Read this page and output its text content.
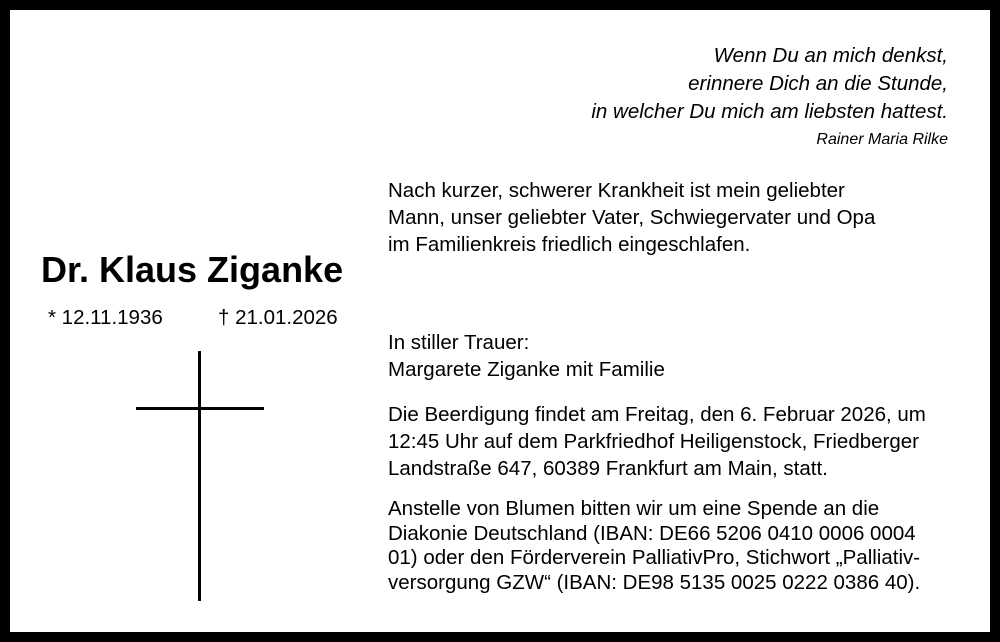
Wenn Du an mich denkst,
erinnere Dich an die Stunde,
in welcher Du mich am liebsten hattest.
Rainer Maria Rilke
Nach kurzer, schwerer Krankheit ist mein geliebter
Mann, unser geliebter Vater, Schwiegervater und Opa
im Familienkreis friedlich eingeschlafen.
Dr. Klaus Ziganke
* 12.11.1936	† 21.01.2026
In stiller Trauer:
Margarete Ziganke mit Familie
Die Beerdigung findet am Freitag, den 6. Februar 2026, um
12:45 Uhr auf dem Parkfriedhof Heiligenstock, Friedberger
Landstraße 647, 60389 Frankfurt am Main, statt.
Anstelle von Blumen bitten wir um eine Spende an die
Diakonie Deutschland (IBAN: DE66 5206 0410 0006 0004
01) oder den Förderverein PalliativPro, Stichwort „Palliativ-
versorgung GZW“ (IBAN: DE98 5135 0025 0222 0386 40).
